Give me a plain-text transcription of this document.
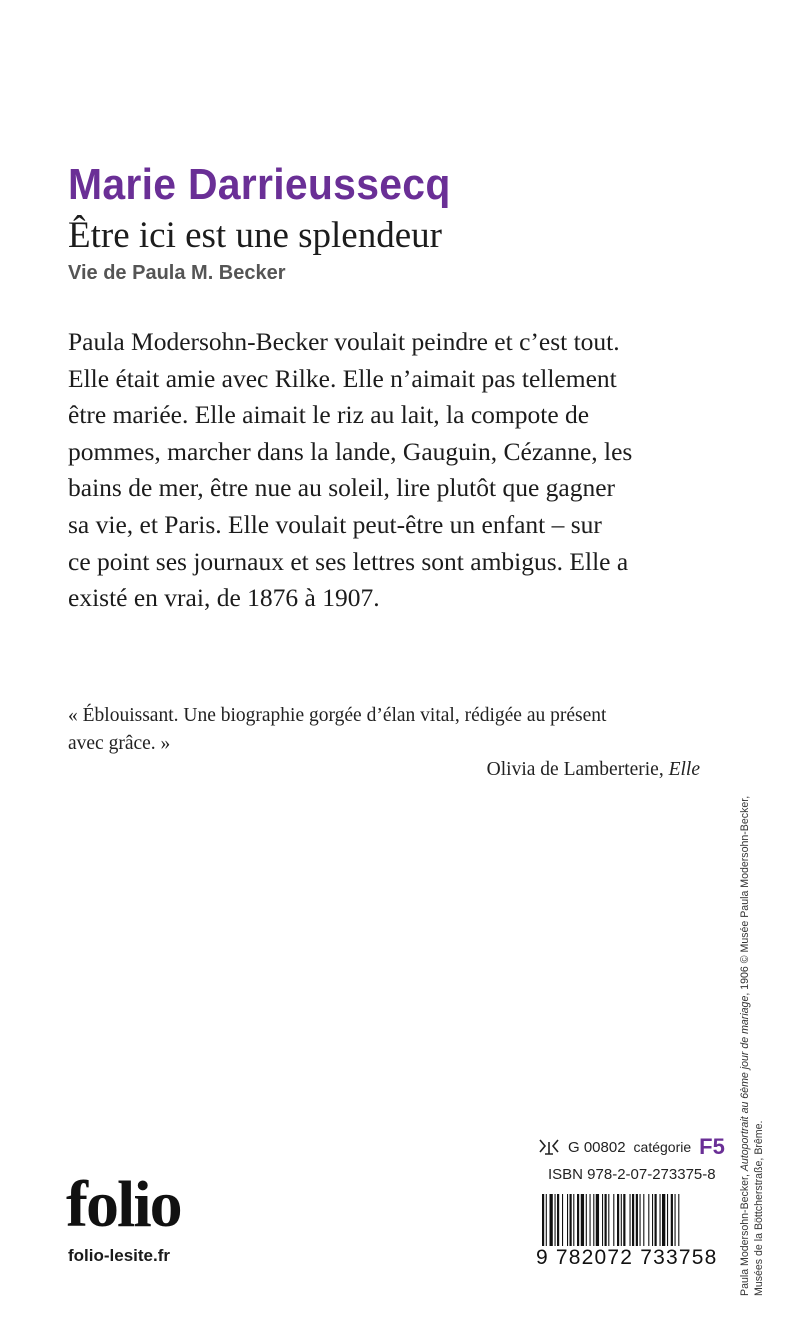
Marie Darrieussecq
Être ici est une splendeur
Vie de Paula M. Becker
Paula Modersohn-Becker voulait peindre et c’est tout.
Elle était amie avec Rilke. Elle n’aimait pas tellement
être mariée. Elle aimait le riz au lait, la compote de
pommes, marcher dans la lande, Gauguin, Cézanne, les
bains de mer, être nue au soleil, lire plutôt que gagner
sa vie, et Paris. Elle voulait peut-être un enfant – sur
ce point ses journaux et ses lettres sont ambigus. Elle a
existé en vrai, de 1876 à 1907.
« Éblouissant. Une biographie gorgée d’élan vital, rédigée au présent
avec grâce. »
Olivia de Lamberterie, Elle
folio
folio-lesite.fr
G 00802 catégorie F5
ISBN 978-2-07-273375-8
9 782072 733758	Paula Modersohn-Becker, Autoportrait au 6ème jour de mariage, 1906 © Musée Paula Modersohn-Becker,
Musées de la Böttcherstraße, Brême.
